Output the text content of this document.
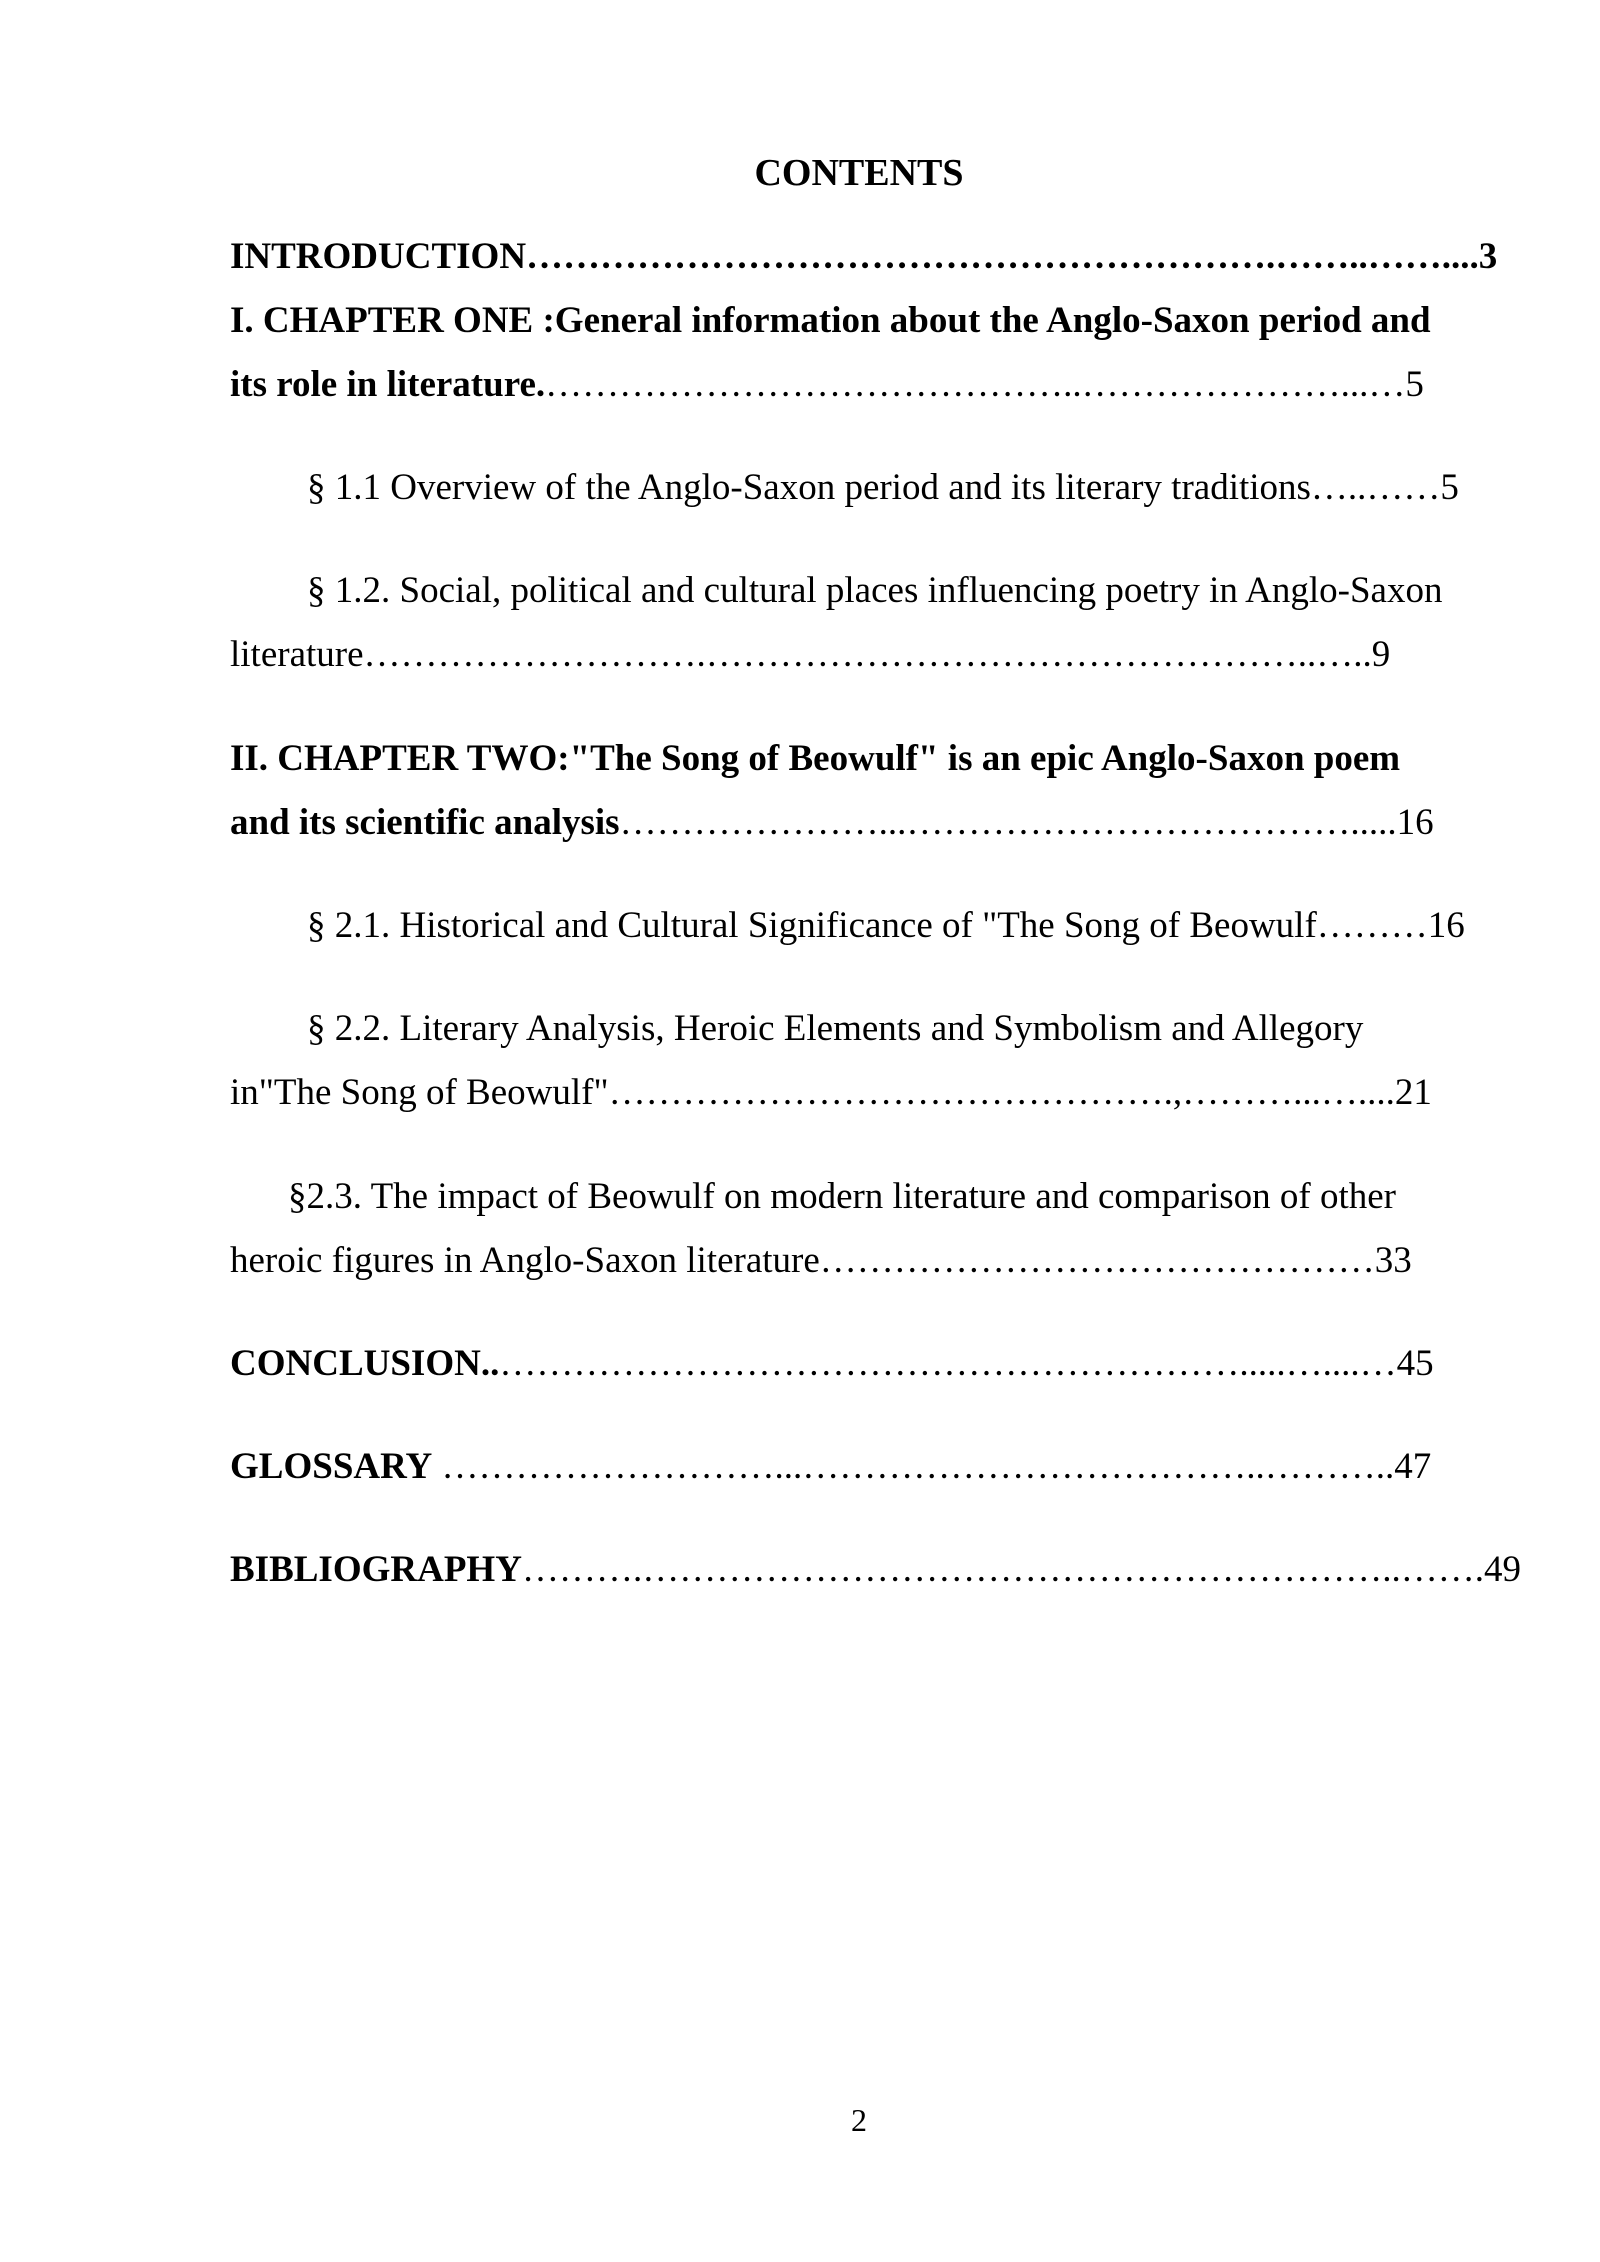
CONTENTS
INTRODUCTION…………………………………………………….……..……....3
I. CHAPTER ONE :General information about the Anglo-Saxon period and
its role in literature.……………………………………..…………………...…5
§ 1.1 Overview of the Anglo-Saxon period and its literary traditions…..……5
§ 1.2. Social, political and cultural places influencing poetry in Anglo-Saxon
literature……………………….…………………………………………..…..9
II. CHAPTER TWO:"The Song of Beowulf" is an epic Anglo-Saxon poem
and its scientific analysis…………………...……………………………….....16
§ 2.1. Historical and Cultural Significance of "The Song of Beowulf………16
§ 2.2. Literary Analysis, Heroic Elements and Symbolism and Allegory
in"The Song of Beowulf"……………………………………….,………...…....21
§2.3. The impact of Beowulf on modern literature and comparison of other
heroic figures in Anglo-Saxon literature………………………………………33
CONCLUSION..…………………………………………………….....…....…45
GLOSSARY ………………………...………………………………..………..47
BIBLIOGRAPHY……….……………………………………………………..…….49
2
